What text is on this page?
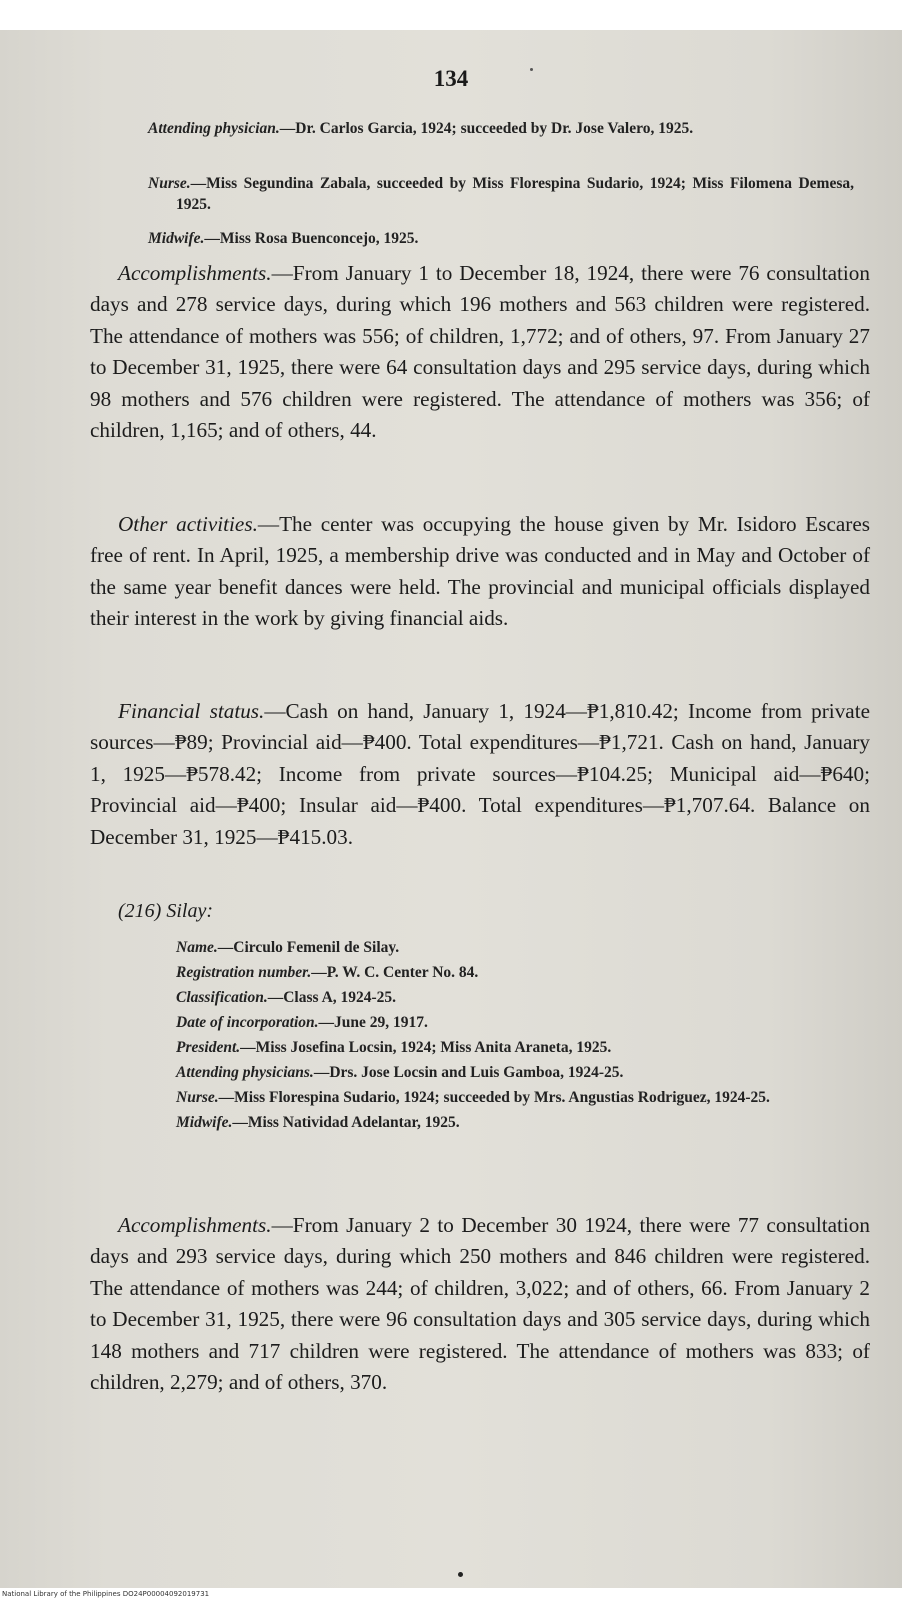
134

Attending physician.—Dr. Carlos Garcia, 1924; succeeded by Dr. Jose Valero, 1925.

Nurse.—Miss Segundina Zabala, succeeded by Miss Florespina Sudario, 1924; Miss Filomena Demesa, 1925.

Midwife.—Miss Rosa Buenconcejo, 1925.

Accomplishments.—From January 1 to December 18, 1924, there were 76 consultation days and 278 service days, during which 196 mothers and 563 children were registered. The attendance of mothers was 556; of children, 1,772; and of others, 97. From January 27 to December 31, 1925, there were 64 consultation days and 295 service days, during which 98 mothers and 576 children were registered. The attendance of mothers was 356; of children, 1,165; and of others, 44.

Other activities.—The center was occupying the house given by Mr. Isidoro Escares free of rent. In April, 1925, a membership drive was conducted and in May and October of the same year benefit dances were held. The provincial and municipal officials displayed their interest in the work by giving financial aids.

Financial status.—Cash on hand, January 1, 1924—₱1,810.42; Income from private sources—₱89; Provincial aid—₱400. Total expenditures—₱1,721. Cash on hand, January 1, 1925—₱578.42; Income from private sources—₱104.25; Municipal aid—₱640; Provincial aid—₱400; Insular aid—₱400. Total expenditures—₱1,707.64. Balance on December 31, 1925—₱415.03.

(216) Silay:

Name.—Circulo Femenil de Silay.

Registration number.—P. W. C. Center No. 84.

Classification.—Class A, 1924-25.

Date of incorporation.—June 29, 1917.

President.—Miss Josefina Locsin, 1924; Miss Anita Araneta, 1925.

Attending physicians.—Drs. Jose Locsin and Luis Gamboa, 1924-25.

Nurse.—Miss Florespina Sudario, 1924; succeeded by Mrs. Angustias Rodriguez, 1924-25.

Midwife.—Miss Natividad Adelantar, 1925.

Accomplishments.—From January 2 to December 30 1924, there were 77 consultation days and 293 service days, during which 250 mothers and 846 children were registered. The attendance of mothers was 244; of children, 3,022; and of others, 66. From January 2 to December 31, 1925, there were 96 consultation days and 305 service days, during which 148 mothers and 717 children were registered. The attendance of mothers was 833; of children, 2,279; and of others, 370.

National Library of the Philippines DO24P00004092019731
